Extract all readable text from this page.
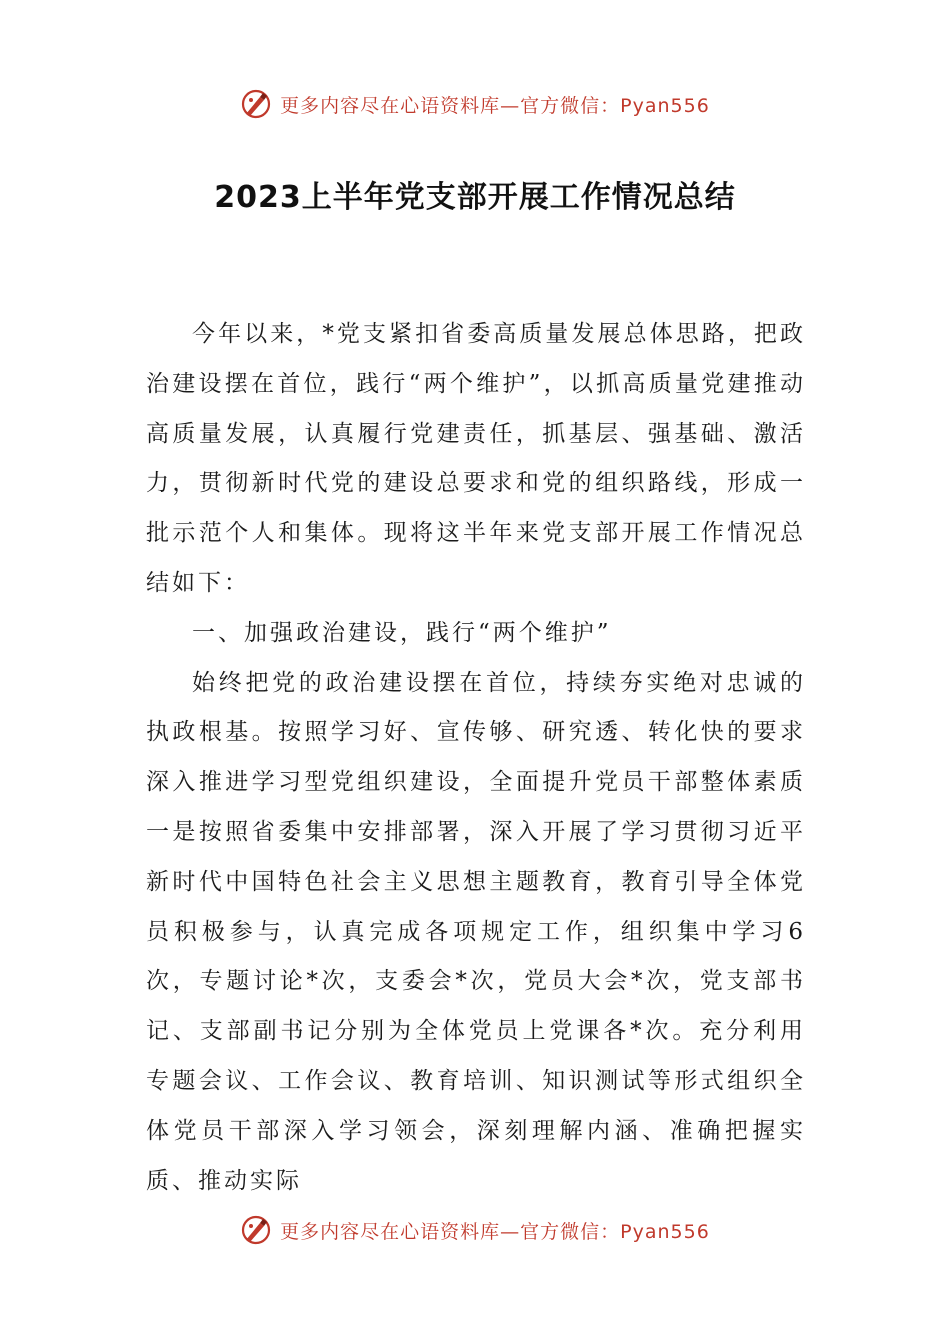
更多内容尽在心语资料库—官方微信：Pyan556
2023上半年党支部开展工作情况总结

今年以来，*党支紧扣省委高质量发展总体思路，把政治建设摆在首位，践行“两个维护”，以抓高质量党建推动高质量发展，认真履行党建责任，抓基层、强基础、激活力，贯彻新时代党的建设总要求和党的组织路线，形成一批示范个人和集体。现将这半年来党支部开展工作情况总结如下：

一、加强政治建设，践行“两个维护”

始终把党的政治建设摆在首位，持续夯实绝对忠诚的执政根基。按照学习好、宣传够、研究透、转化快的要求深入推进学习型党组织建设，全面提升党员干部整体素质一是按照省委集中安排部署，深入开展了学习贯彻习近平新时代中国特色社会主义思想主题教育，教育引导全体党员积极参与，认真完成各项规定工作，组织集中学习6次，专题讨论*次，支委会*次，党员大会*次，党支部书记、支部副书记分别为全体党员上党课各*次。充分利用专题会议、工作会议、教育培训、知识测试等形式组织全体党员干部深入学习领会，深刻理解内涵、准确把握实质、推动实际

更多内容尽在心语资料库—官方微信：Pyan556
